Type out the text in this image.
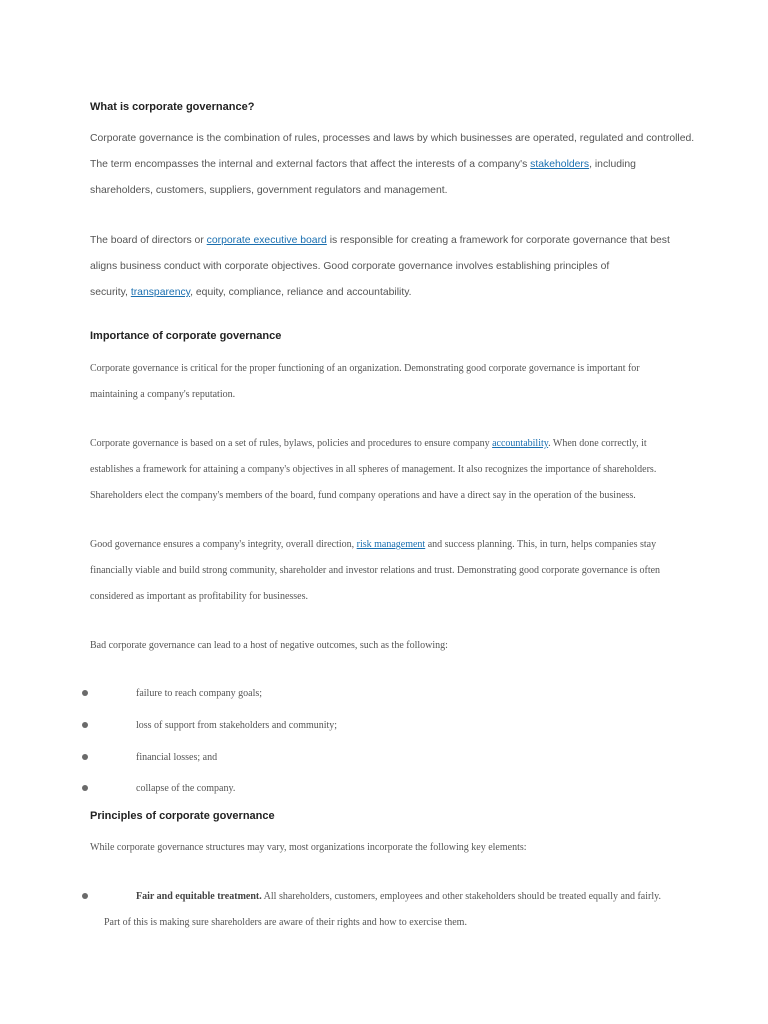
What is corporate governance?

Corporate governance is the combination of rules, processes and laws by which businesses are operated, regulated and controlled.

The term encompasses the internal and external factors that affect the interests of a company's stakeholders, including

shareholders, customers, suppliers, government regulators and management.

The board of directors or corporate executive board is responsible for creating a framework for corporate governance that best

aligns business conduct with corporate objectives. Good corporate governance involves establishing principles of

security, transparency, equity, compliance, reliance and accountability.

Importance of corporate governance

Corporate governance is critical for the proper functioning of an organization. Demonstrating good corporate governance is important for

maintaining a company's reputation.

Corporate governance is based on a set of rules, bylaws, policies and procedures to ensure company accountability. When done correctly, it

establishes a framework for attaining a company's objectives in all spheres of management. It also recognizes the importance of shareholders.

Shareholders elect the company's members of the board, fund company operations and have a direct say in the operation of the business.

Good governance ensures a company's integrity, overall direction, risk management and success planning. This, in turn, helps companies stay

financially viable and build strong community, shareholder and investor relations and trust. Demonstrating good corporate governance is often

considered as important as profitability for businesses.

Bad corporate governance can lead to a host of negative outcomes, such as the following:

failure to reach company goals;

loss of support from stakeholders and community;

financial losses; and

collapse of the company.

Principles of corporate governance

While corporate governance structures may vary, most organizations incorporate the following key elements:

Fair and equitable treatment. All shareholders, customers, employees and other stakeholders should be treated equally and fairly.

Part of this is making sure shareholders are aware of their rights and how to exercise them.
